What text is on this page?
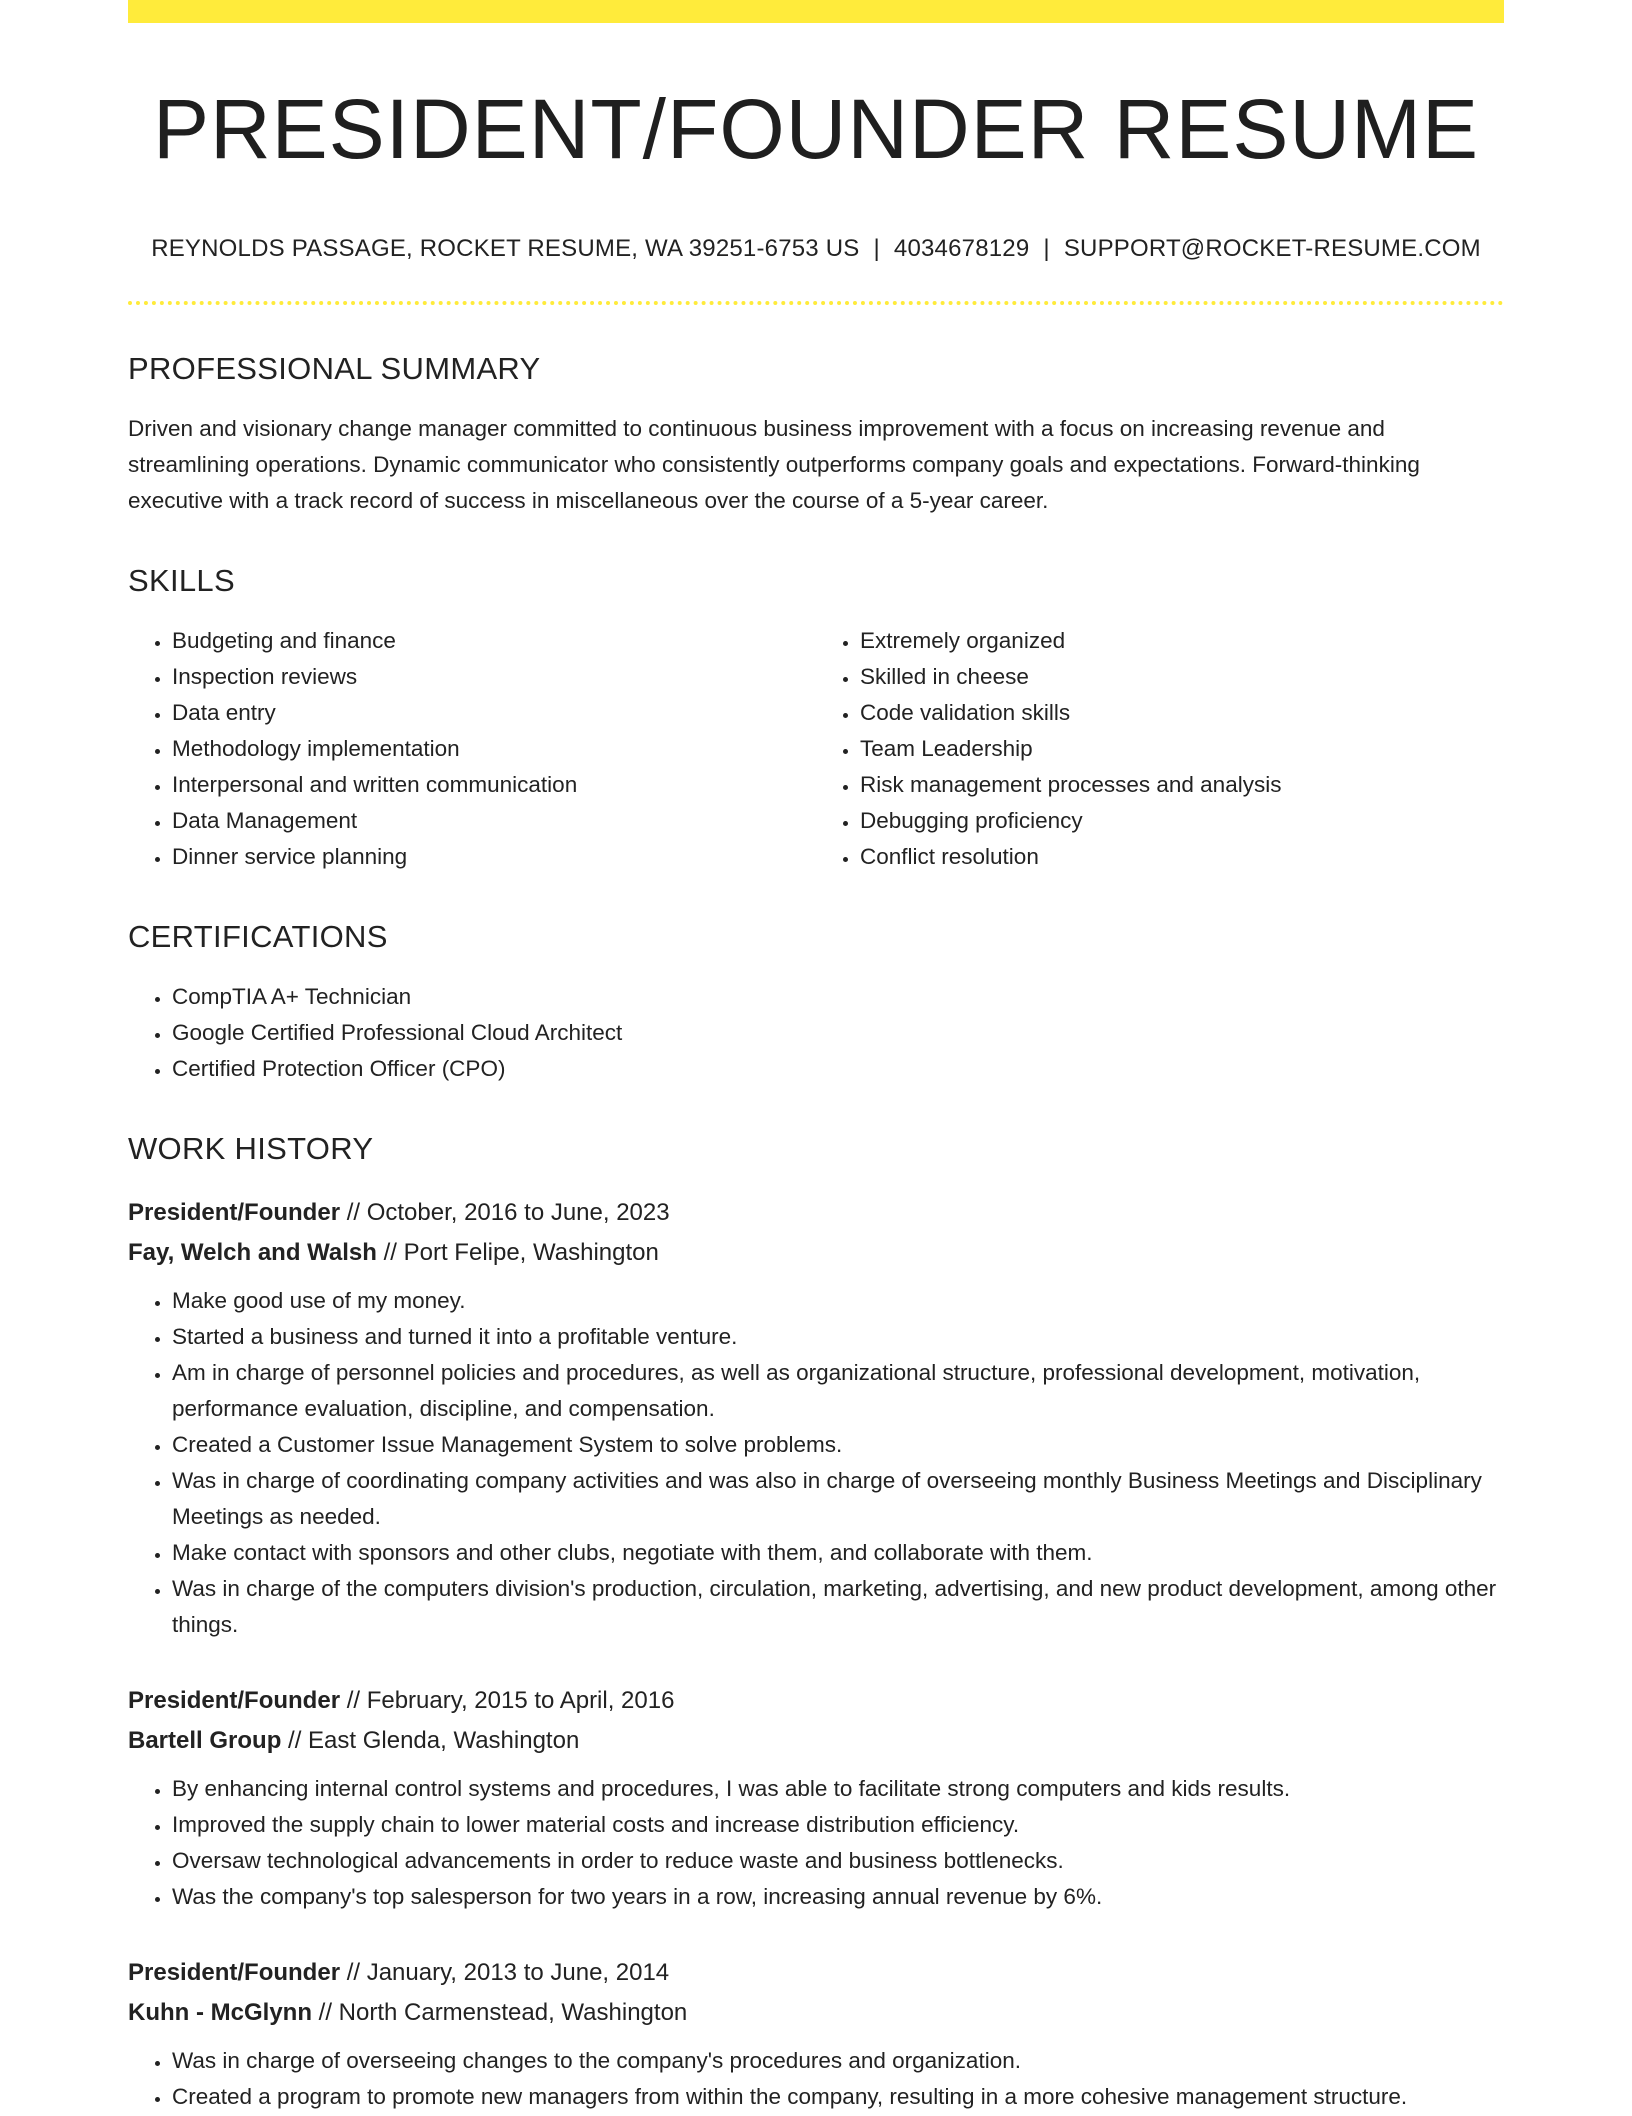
PRESIDENT/FOUNDER RESUME
REYNOLDS PASSAGE, ROCKET RESUME, WA 39251-6753 US | 4034678129 | SUPPORT@ROCKET-RESUME.COM
PROFESSIONAL SUMMARY

Driven and visionary change manager committed to continuous business improvement with a focus on increasing revenue and streamlining operations. Dynamic communicator who consistently outperforms company goals and expectations. Forward-thinking executive with a track record of success in miscellaneous over the course of a 5-year career.

SKILLS
• Budgeting and finance
• Inspection reviews
• Data entry
• Methodology implementation
• Interpersonal and written communication
• Data Management
• Dinner service planning
• Extremely organized
• Skilled in cheese
• Code validation skills
• Team Leadership
• Risk management processes and analysis
• Debugging proficiency
• Conflict resolution
CERTIFICATIONS
• CompTIA A+ Technician
• Google Certified Professional Cloud Architect
• Certified Protection Officer (CPO)
WORK HISTORY
President/Founder // October, 2016 to June, 2023
Fay, Welch and Walsh // Port Felipe, Washington
• Make good use of my money.
• Started a business and turned it into a profitable venture.
• Am in charge of personnel policies and procedures, as well as organizational structure, professional development, motivation, performance evaluation, discipline, and compensation.
• Created a Customer Issue Management System to solve problems.
• Was in charge of coordinating company activities and was also in charge of overseeing monthly Business Meetings and Disciplinary Meetings as needed.
• Make contact with sponsors and other clubs, negotiate with them, and collaborate with them.
• Was in charge of the computers division's production, circulation, marketing, advertising, and new product development, among other things.
President/Founder // February, 2015 to April, 2016
Bartell Group // East Glenda, Washington
• By enhancing internal control systems and procedures, I was able to facilitate strong computers and kids results.
• Improved the supply chain to lower material costs and increase distribution efficiency.
• Oversaw technological advancements in order to reduce waste and business bottlenecks.
• Was the company's top salesperson for two years in a row, increasing annual revenue by 6%.
President/Founder // January, 2013 to June, 2014
Kuhn - McGlynn // North Carmenstead, Washington
• Was in charge of overseeing changes to the company's procedures and organization.
• Created a program to promote new managers from within the company, resulting in a more cohesive management structure.
